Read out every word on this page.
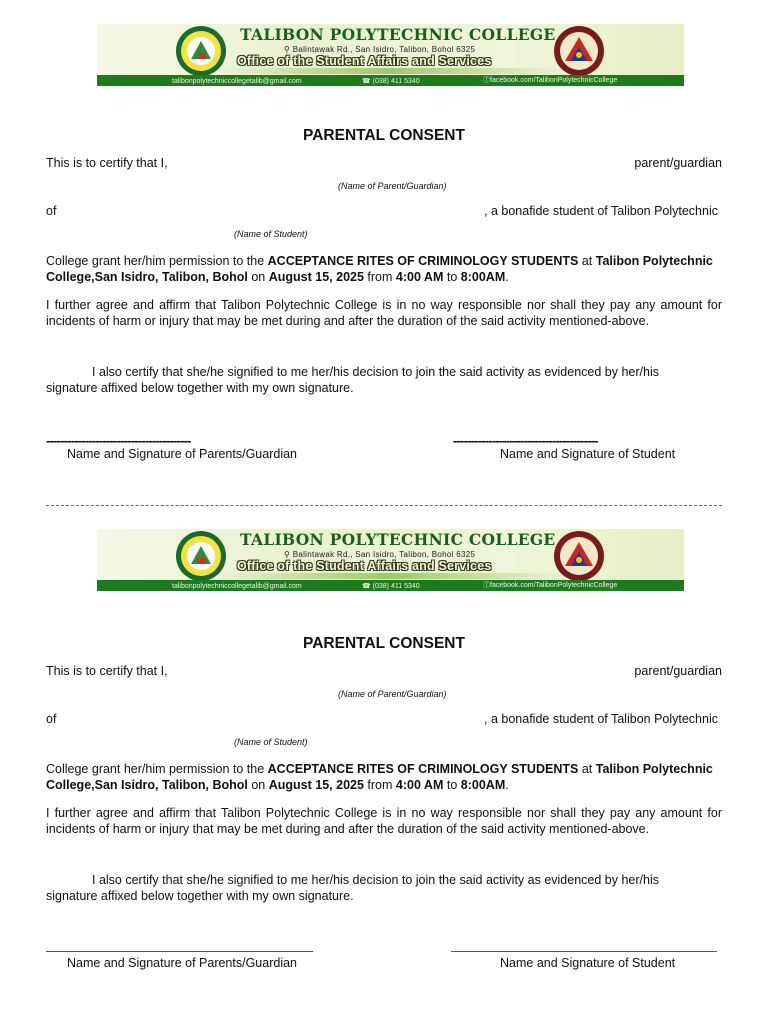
TALIBON POLYTECHNIC COLLEGE
⚲ Balintawak Rd., San Isidro, Talibon, Bohol 6325
Office of the Student Affairs and Services
talibonpolytechniccollegetalib@gmail.com	☎ (038) 411 5340	ⓕfacebook.com/TalibonPolytechnicCollege
PARENTAL CONSENT
This is to certify that I,	parent/guardian
(Name of Parent/Guardian)
of	, a bonafide student of Talibon Polytechnic
(Name of Student)
College grant her/him permission to the ACCEPTANCE RITES OF CRIMINOLOGY STUDENTS at Talibon Polytechnic College,San Isidro, Talibon, Bohol on August 15, 2025 from 4:00 AM to 8:00AM.
I further agree and affirm that Talibon Polytechnic College is in no way responsible nor shall they pay any amount for incidents of harm or injury that may be met during and after the duration of the said activity mentioned-above.
I also certify that she/he signified to me her/his decision to join the said activity as evidenced by her/his signature affixed below together with my own signature.
-----------------------------------------	-----------------------------------------
Name and Signature of Parents/Guardian	Name and Signature of Student
TALIBON POLYTECHNIC COLLEGE
⚲ Balintawak Rd., San Isidro, Talibon, Bohol 6325
Office of the Student Affairs and Services
talibonpolytechniccollegetalib@gmail.com	☎ (038) 411 5340	ⓕfacebook.com/TalibonPolytechnicCollege
PARENTAL CONSENT
This is to certify that I,	parent/guardian
(Name of Parent/Guardian)
of	, a bonafide student of Talibon Polytechnic
(Name of Student)
College grant her/him permission to the ACCEPTANCE RITES OF CRIMINOLOGY STUDENTS at Talibon Polytechnic College,San Isidro, Talibon, Bohol on August 15, 2025 from 4:00 AM to 8:00AM.
I further agree and affirm that Talibon Polytechnic College is in no way responsible nor shall they pay any amount for incidents of harm or injury that may be met during and after the duration of the said activity mentioned-above.
I also certify that she/he signified to me her/his decision to join the said activity as evidenced by her/his signature affixed below together with my own signature.
Name and Signature of Parents/Guardian	Name and Signature of Student
